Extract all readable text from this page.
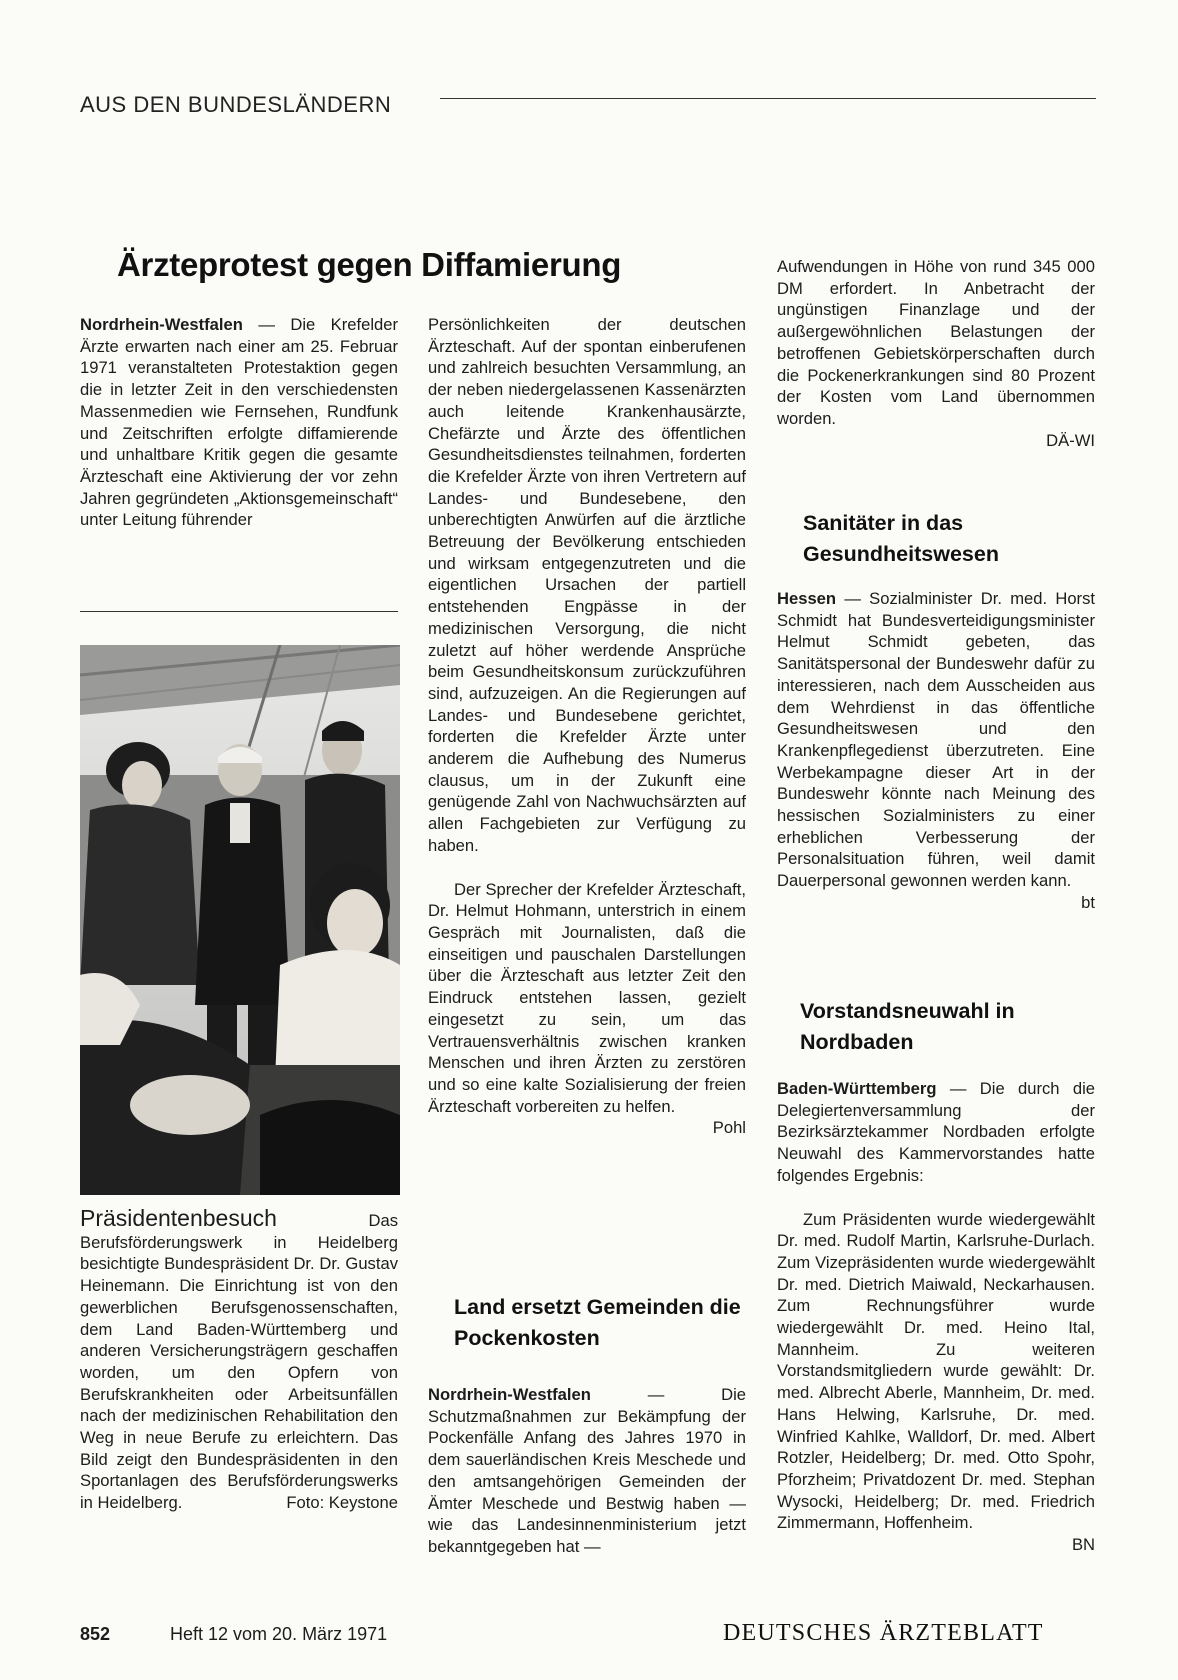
AUS DEN BUNDESLÄNDERN
Ärzteprotest gegen Diffamierung

Nordrhein-Westfalen — Die Krefelder Ärzte erwarten nach einer am 25. Februar 1971 veranstalteten Protestaktion gegen die in letzter Zeit in den verschiedensten Massenmedien wie Fernsehen, Rundfunk und Zeitschriften erfolgte diffamierende und unhaltbare Kritik gegen die gesamte Ärzteschaft eine Aktivierung der vor zehn Jahren gegründeten „Aktionsgemeinschaft“ unter Leitung führender

Präsidentenbesuch	Das Berufsförderungswerk in Heidelberg besichtigte Bundespräsident Dr. Dr. Gustav Heinemann. Die Einrichtung ist von den gewerblichen Berufsgenossenschaften, dem Land Baden-Württemberg und anderen Versicherungsträgern geschaffen worden, um den Opfern von Berufskrankheiten oder Arbeitsunfällen nach der medizinischen Rehabilitation den Weg in neue Berufe zu erleichtern. Das Bild zeigt den Bundespräsidenten in den Sportanlagen des Berufsförderungswerks in Heidelberg.	Foto: Keystone

Persönlichkeiten der deutschen Ärzteschaft. Auf der spontan einberufenen und zahlreich besuchten Versammlung, an der neben niedergelassenen Kassenärzten auch leitende Krankenhausärzte, Chefärzte und Ärzte des öffentlichen Gesundheitsdienstes teilnahmen, forderten die Krefelder Ärzte von ihren Vertretern auf Landes- und Bundesebene, den unberechtigten Anwürfen auf die ärztliche Betreuung der Bevölkerung entschieden und wirksam entgegenzutreten und die eigentlichen Ursachen der partiell entstehenden Engpässe in der medizinischen Versorgung, die nicht zuletzt auf höher werdende Ansprüche beim Gesundheitskonsum zurückzuführen sind, aufzuzeigen. An die Regierungen auf Landes- und Bundesebene gerichtet, forderten die Krefelder Ärzte unter anderem die Aufhebung des Numerus clausus, um in der Zukunft eine genügende Zahl von Nachwuchsärzten auf allen Fachgebieten zur Verfügung zu haben.

Der Sprecher der Krefelder Ärzteschaft, Dr. Helmut Hohmann, unterstrich in einem Gespräch mit Journalisten, daß die einseitigen und pauschalen Darstellungen über die Ärzteschaft aus letzter Zeit den Eindruck entstehen lassen, gezielt eingesetzt zu sein, um das Vertrauensverhältnis zwischen kranken Menschen und ihren Ärzten zu zerstören und so eine kalte Sozialisierung der freien Ärzteschaft vorbereiten zu helfen.

Pohl
Land ersetzt Gemeinden die Pockenkosten

Nordrhein-Westfalen — Die Schutzmaßnahmen zur Bekämpfung der Pockenfälle Anfang des Jahres 1970 in dem sauerländischen Kreis Meschede und den amtsangehörigen Gemeinden der Ämter Meschede und Bestwig haben — wie das Landesinnenministerium jetzt bekanntgegeben hat —

Aufwendungen in Höhe von rund 345 000 DM erfordert. In Anbetracht der ungünstigen Finanzlage und der außergewöhnlichen Belastungen der betroffenen Gebietskörperschaften durch die Pockenerkrankungen sind 80 Prozent der Kosten vom Land übernommen worden.

DÄ-WI
Sanitäter in das Gesundheitswesen

Hessen — Sozialminister Dr. med. Horst Schmidt hat Bundesverteidigungsminister Helmut Schmidt gebeten, das Sanitätspersonal der Bundeswehr dafür zu interessieren, nach dem Ausscheiden aus dem Wehrdienst in das öffentliche Gesundheitswesen und den Krankenpflegedienst überzutreten. Eine Werbekampagne dieser Art in der Bundeswehr könnte nach Meinung des hessischen Sozialministers zu einer erheblichen Verbesserung der Personalsituation führen, weil damit Dauerpersonal gewonnen werden kann.

bt
Vorstandsneuwahl in Nordbaden

Baden-Württemberg — Die durch die Delegiertenversammlung der Bezirksärztekammer Nordbaden erfolgte Neuwahl des Kammervorstandes hatte folgendes Ergebnis:

Zum Präsidenten wurde wiedergewählt Dr. med. Rudolf Martin, Karlsruhe-Durlach. Zum Vizepräsidenten wurde wiedergewählt Dr. med. Dietrich Maiwald, Neckarhausen. Zum Rechnungsführer wurde wiedergewählt Dr. med. Heino Ital, Mannheim. Zu weiteren Vorstandsmitgliedern wurde gewählt: Dr. med. Albrecht Aberle, Mannheim, Dr. med. Hans Helwing, Karlsruhe, Dr. med. Winfried Kahlke, Walldorf, Dr. med. Albert Rotzler, Heidelberg; Dr. med. Otto Spohr, Pforzheim; Privatdozent Dr. med. Stephan Wysocki, Heidelberg; Dr. med. Friedrich Zimmermann, Hoffenheim.

BN
852	Heft 12 vom 20. März 1971	DEUTSCHES ÄRZTEBLATT
